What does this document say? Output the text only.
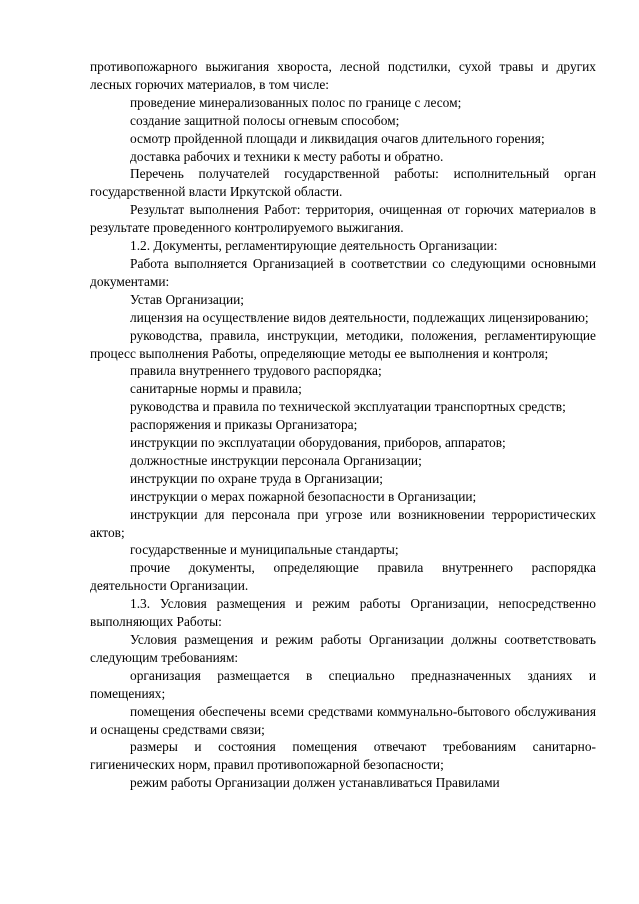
противопожарного выжигания хвороста, лесной подстилки, сухой травы и других лесных горючих материалов, в том числе:

проведение минерализованных полос по границе с лесом;

создание защитной полосы огневым способом;

осмотр пройденной площади и ликвидация очагов длительного горения;

доставка рабочих и техники к месту работы и обратно.

Перечень получателей государственной работы: исполнительный орган государственной власти Иркутской области.

Результат выполнения Работ: территория, очищенная от горючих материалов в результате проведенного контролируемого выжигания.

1.2. Документы, регламентирующие деятельность Организации:

Работа выполняется Организацией в соответствии со следующими основными документами:

Устав Организации;

лицензия на осуществление видов деятельности, подлежащих лицензированию;

руководства, правила, инструкции, методики, положения, регламентирующие процесс выполнения Работы, определяющие методы ее выполнения и контроля;

правила внутреннего трудового распорядка;

санитарные нормы и правила;

руководства и правила по технической эксплуатации транспортных средств;

распоряжения и приказы Организатора;

инструкции по эксплуатации оборудования, приборов, аппаратов;

должностные инструкции персонала Организации;

инструкции по охране труда в Организации;

инструкции о мерах пожарной безопасности в Организации;

инструкции для персонала при угрозе или возникновении террористических актов;

государственные и муниципальные стандарты;

прочие документы, определяющие правила внутреннего распорядка деятельности Организации.

1.3. Условия размещения и режим работы Организации, непосредственно выполняющих Работы:

Условия размещения и режим работы Организации должны соответствовать следующим требованиям:

организация размещается в специально предназначенных зданиях и помещениях;

помещения обеспечены всеми средствами коммунально-бытового обслуживания и оснащены средствами связи;

размеры и состояния помещения отвечают требованиям санитарно-гигиенических норм, правил противопожарной безопасности;

режим работы Организации должен устанавливаться Правилами
